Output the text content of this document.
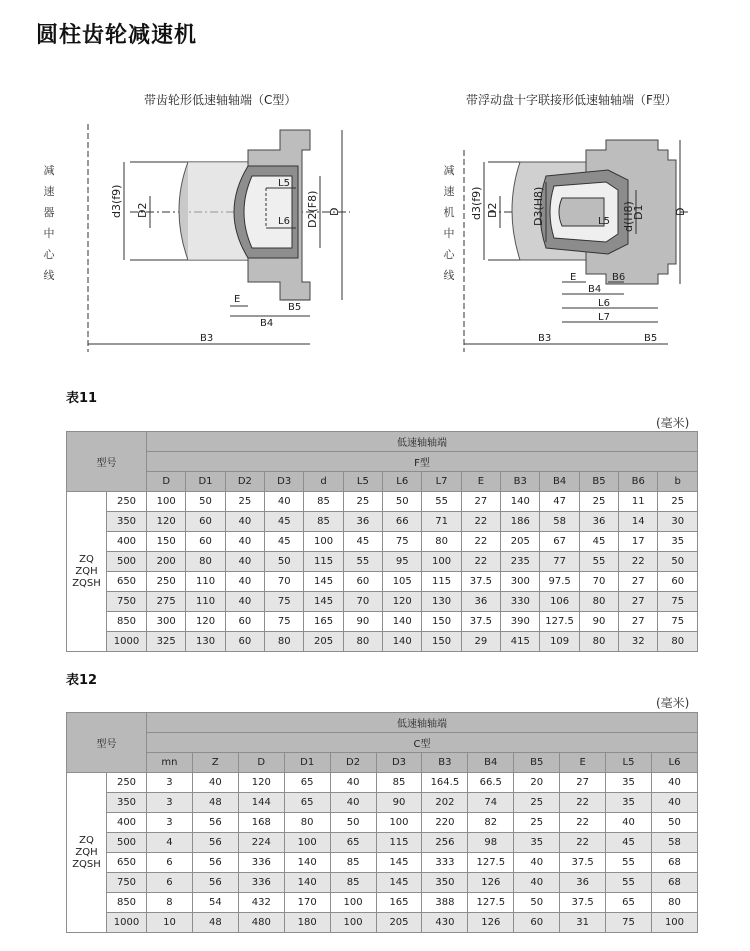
圆柱齿轮减速机
带齿轮形低速轴轴端（C型）
减
速
器
中
心
线
d3(f9) D2	D2(F8) D
L5
L6
E
B5
B4
B3
带浮动盘十字联接形低速轴轴端（F型）
减
速
机
中
心
线
d3(f9) D2	D3(H8)	d(H8)
D1	D
L5
E	B6
B4
L6
L7
B3	B5
表11
(毫米)
型号		低速轴轴端													
		F型													
		D	D1	D2	D3	d	L5	L6	L7	E	B3	B4	B5	B6	b

ZQ
ZQH
ZQSH	250	100	50	25	40	85	25	50	55	27	140	47	25	11	25
	350	120	60	40	45	85	36	66	71	22	186	58	36	14	30
	400	150	60	40	45	100	45	75	80	22	205	67	45	17	35
	500	200	80	40	50	115	55	95	100	22	235	77	55	22	50
	650	250	110	40	70	145	60	105	115	37.5	300	97.5	70	27	60
	750	275	110	40	75	145	70	120	130	36	330	106	80	27	75
	850	300	120	60	75	165	90	140	150	37.5	390	127.5	90	27	75
	1000	325	130	60	80	205	80	140	150	29	415	109	80	32	80
表12
(毫米)
型号		低速轴轴端											
		C型											
		mn	Z	D	D1	D2	D3	B3	B4	B5	E	L5	L6

ZQ
ZQH
ZQSH	250	3	40	120	65	40	85	164.5	66.5	20	27	35	40
	350	3	48	144	65	40	90	202	74	25	22	35	40
	400	3	56	168	80	50	100	220	82	25	22	40	50
	500	4	56	224	100	65	115	256	98	35	22	45	58
	650	6	56	336	140	85	145	333	127.5	40	37.5	55	68
	750	6	56	336	140	85	145	350	126	40	36	55	68
	850	8	54	432	170	100	165	388	127.5	50	37.5	65	80
	1000	10	48	480	180	100	205	430	126	60	31	75	100
